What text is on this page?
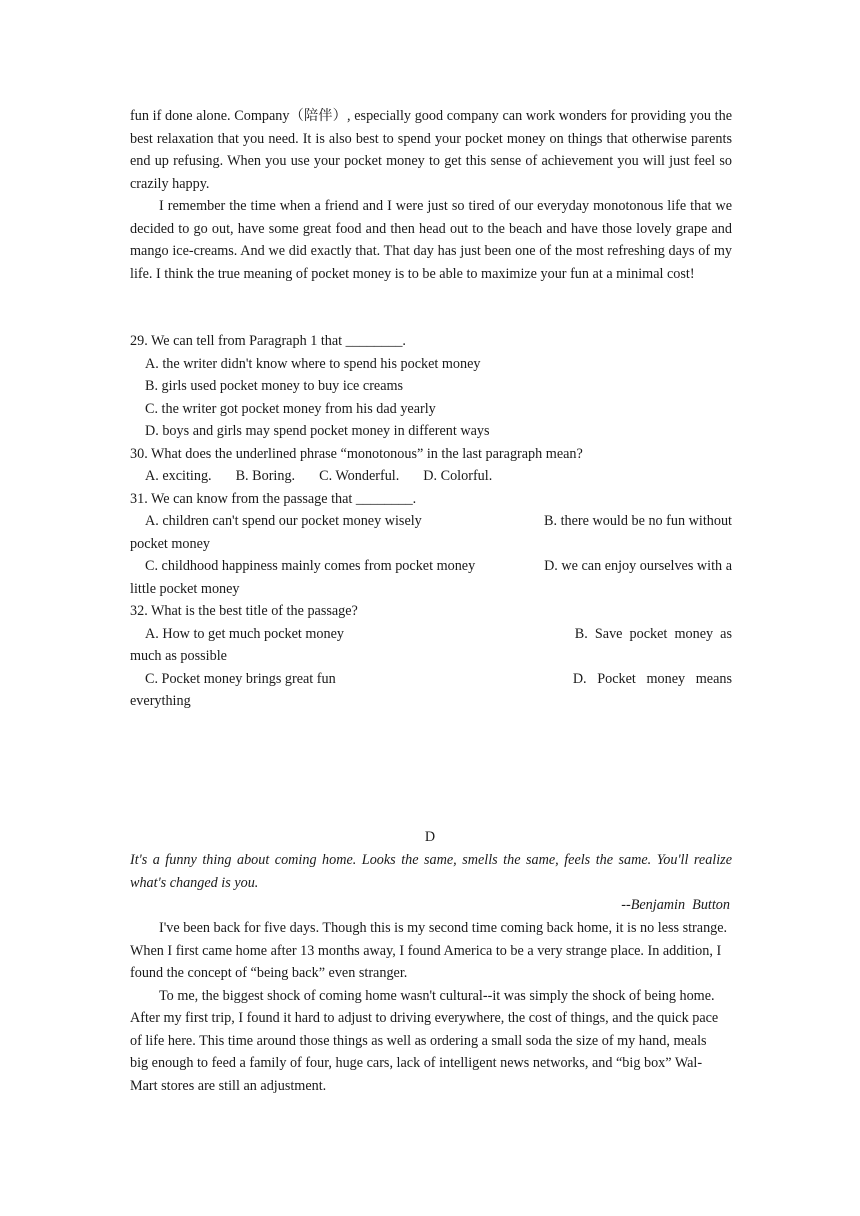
fun if done alone. Company（陪伴）, especially good company can work wonders for providing you the best relaxation that you need. It is also best to spend your pocket money on things that otherwise parents end up refusing. When you use your pocket money to get this sense of achievement you will just feel so crazily happy.

I remember the time when a friend and I were just so tired of our everyday monotonous life that we decided to go out, have some great food and then head out to the beach and have those lovely grape and mango ice-creams. And we did exactly that. That day has just been one of the most refreshing days of my life. I think the true meaning of pocket money is to be able to maximize your fun at a minimal cost!

29. We can tell from Paragraph 1 that ________.

A. the writer didn't know where to spend his pocket money

B. girls used pocket money to buy ice creams

C. the writer got pocket money from his dad yearly

D. boys and girls may spend pocket money in different ways

30. What does the underlined phrase “monotonous” in the last paragraph mean?

A. exciting. B. Boring. C. Wonderful. D. Colorful.

31. We can know from the passage that ________.

A. children can't spend our pocket money wisely	B. there would be no fun without

pocket money

C. childhood happiness mainly comes from pocket money	D. we can enjoy ourselves with a

little pocket money

32. What is the best title of the passage?

A. How to get much pocket money	B.  Save  pocket  money  as

much as possible

C. Pocket money brings great fun	D.   Pocket   money   means

everything

D

It's a funny thing about coming home. Looks the same, smells the same, feels the same. You'll realize what's changed is you.

--Benjamin  Button

I've been back for five days. Though this is my second time coming back home, it is no less strange. When I first came home after 13 months away, I found America to be a very strange place. In addition, I found the concept of “being back” even stranger.

To me, the biggest shock of coming home wasn't cultural--it was simply the shock of being home. After my first trip, I found it hard to adjust to driving everywhere, the cost of things, and the quick pace of life here. This time around those things as well as ordering a small soda the size of my hand, meals big enough to feed a family of four, huge cars, lack of intelligent news networks, and “big box” Wal-Mart stores are still an adjustment.
